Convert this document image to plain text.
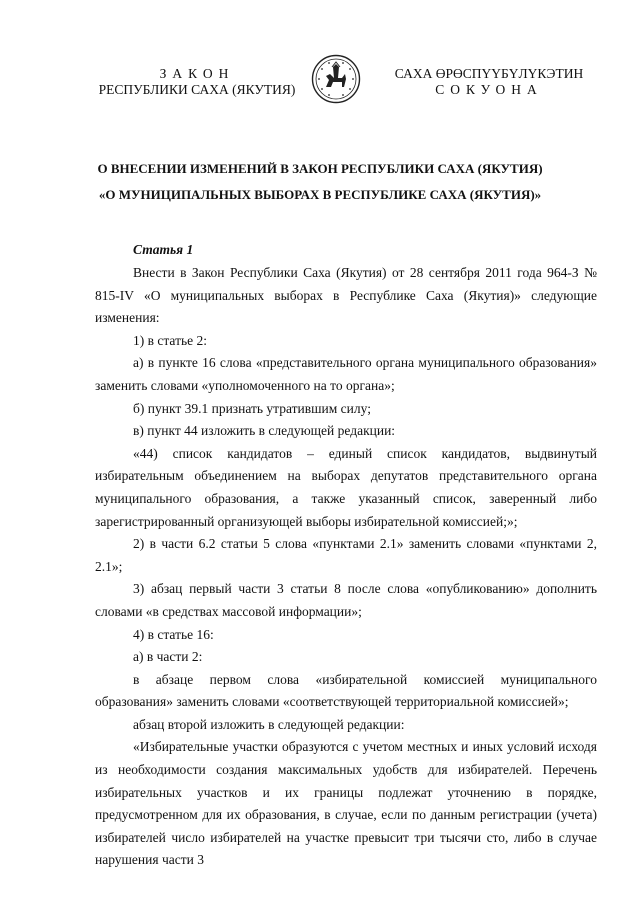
ЗАКОН
РЕСПУБЛИКИ САХА (ЯКУТИЯ)
САХА ӨРӨСПҮҮБҮЛҮКЭТИН
СОКУОНА
О ВНЕСЕНИИ ИЗМЕНЕНИЙ В ЗАКОН РЕСПУБЛИКИ САХА (ЯКУТИЯ)
«О МУНИЦИПАЛЬНЫХ ВЫБОРАХ В РЕСПУБЛИКЕ САХА (ЯКУТИЯ)»
Статья 1

Внести в Закон Республики Саха (Якутия) от 28 сентября 2011 года 964-З № 815-IV «О муниципальных выборах в Республике Саха (Якутия)» следующие изменения:

1) в статье 2:

а) в пункте 16 слова «представительного органа муниципального образования» заменить словами «уполномоченного на то органа»;

б) пункт 39.1 признать утратившим силу;

в) пункт 44 изложить в следующей редакции:

«44) список кандидатов – единый список кандидатов, выдвинутый избирательным объединением на выборах депутатов представительного органа муниципального образования, а также указанный список, заверенный либо зарегистрированный организующей выборы избирательной комиссией;»;

2) в части 6.2 статьи 5 слова «пунктами 2.1» заменить словами «пунктами 2, 2.1»;

3) абзац первый части 3 статьи 8 после слова «опубликованию» дополнить словами «в средствах массовой информации»;

4) в статье 16:

а) в части 2:

в абзаце первом слова «избирательной комиссией муниципального образования» заменить словами «соответствующей территориальной комиссией»;

абзац второй изложить в следующей редакции:

«Избирательные участки образуются с учетом местных и иных условий исходя из необходимости создания максимальных удобств для избирателей. Перечень избирательных участков и их границы подлежат уточнению в порядке, предусмотренном для их образования, в случае, если по данным регистрации (учета) избирателей число избирателей на участке превысит три тысячи сто, либо в случае нарушения части 3
